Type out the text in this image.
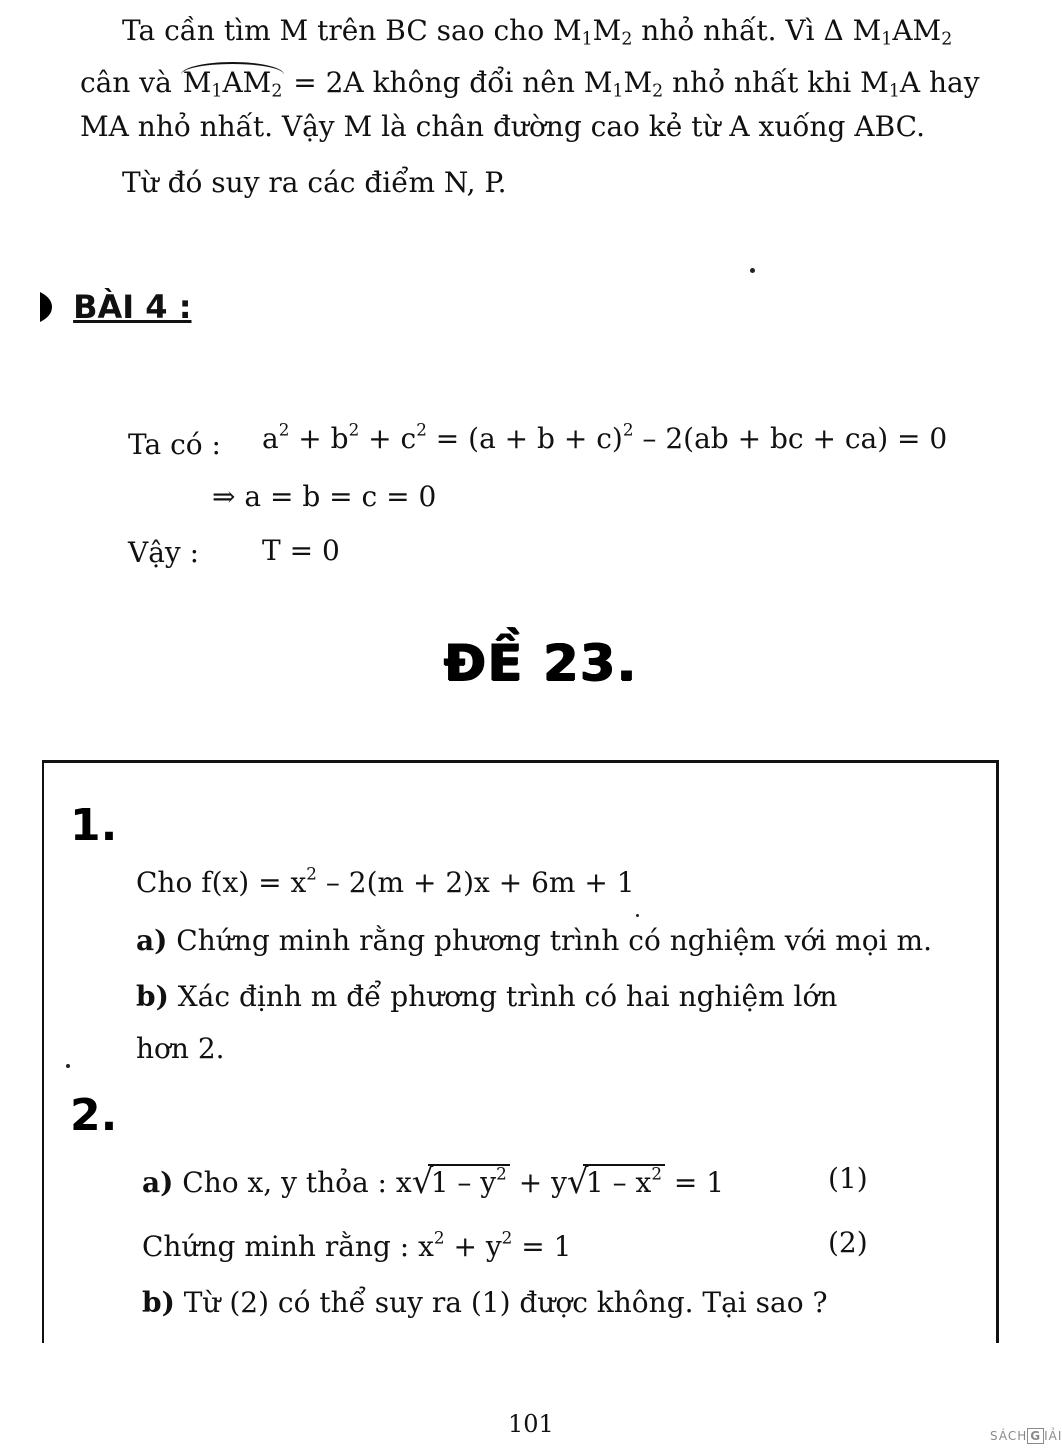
Ta cần tìm M trên BC sao cho $M_1M_2$ nhỏ nhất. Vì Δ $M_1AM_2$
cân và $M_1AM_2 = 2A$ không đổi nên $M_1M_2$ nhỏ nhất khi $M_1A$ hay
MA nhỏ nhất. Vậy M là chân đường cao kẻ từ A xuống ABC.
Từ đó suy ra các điểm N, P.
BÀI 4 :
Ta có : $a^2 + b^2 + c^2 = (a + b + c)^2 - 2(ab$ + bc + ca) = 0
⇒ a = b = c = 0
Vậy : T = 0
ĐỀ 23.
1.
Cho $f(x) = x^2 - 2(m + 2)x + 6m + 1$
a) Chứng minh rằng phương trình có nghiệm với mọi m.
b) Xác định m để phương trình có hai nghiệm lớn
hơn 2.
2.
a) Cho x, y thỏa : x √
$1 - y^2 + y$ √
$1 - x^2 = 1$	(1)
Chứng minh rằng : $x^2 + y^2 = 1$	(2)
b) Từ (2) có thể suy ra (1) được không. Tại sao ?
101	SÁCH G IẢI
